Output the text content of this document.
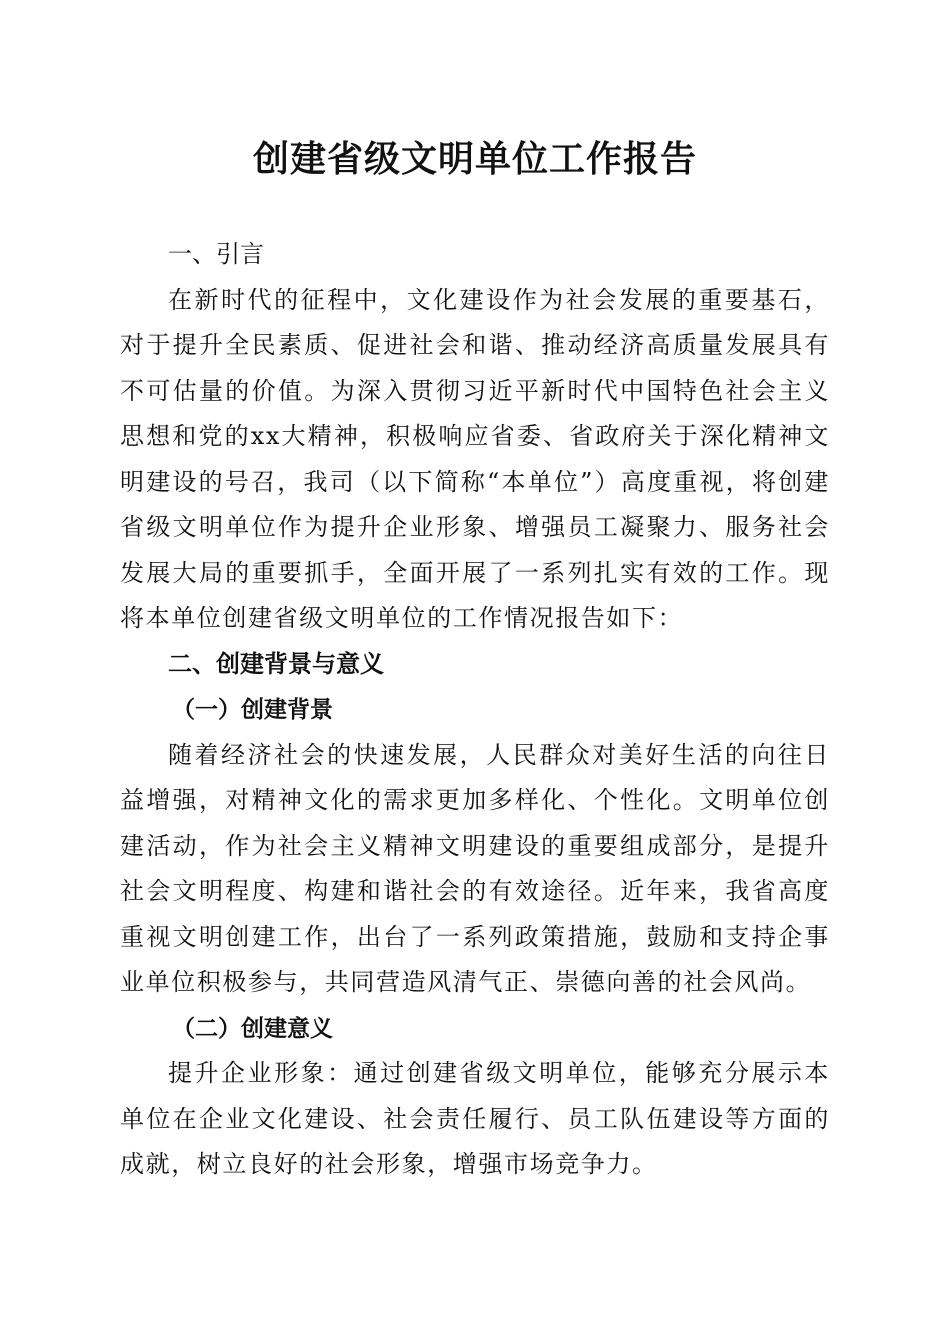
创建省级文明单位工作报告
一、引言

在新时代的征程中，文化建设作为社会发展的重要基石，对于提升全民素质、促进社会和谐、推动经济高质量发展具有不可估量的价值。为深入贯彻习近平新时代中国特色社会主义思想和党的xx大精神，积极响应省委、省政府关于深化精神文明建设的号召，我司（以下简称“本单位”）高度重视，将创建省级文明单位作为提升企业形象、增强员工凝聚力、服务社会发展大局的重要抓手，全面开展了一系列扎实有效的工作。现将本单位创建省级文明单位的工作情况报告如下：

二、创建背景与意义
（一）创建背景

随着经济社会的快速发展，人民群众对美好生活的向往日益增强，对精神文化的需求更加多样化、个性化。文明单位创建活动，作为社会主义精神文明建设的重要组成部分，是提升社会文明程度、构建和谐社会的有效途径。近年来，我省高度重视文明创建工作，出台了一系列政策措施，鼓励和支持企事业单位积极参与，共同营造风清气正、崇德向善的社会风尚。

（二）创建意义

提升企业形象：通过创建省级文明单位，能够充分展示本单位在企业文化建设、社会责任履行、员工队伍建设等方面的成就，树立良好的社会形象，增强市场竞争力。
